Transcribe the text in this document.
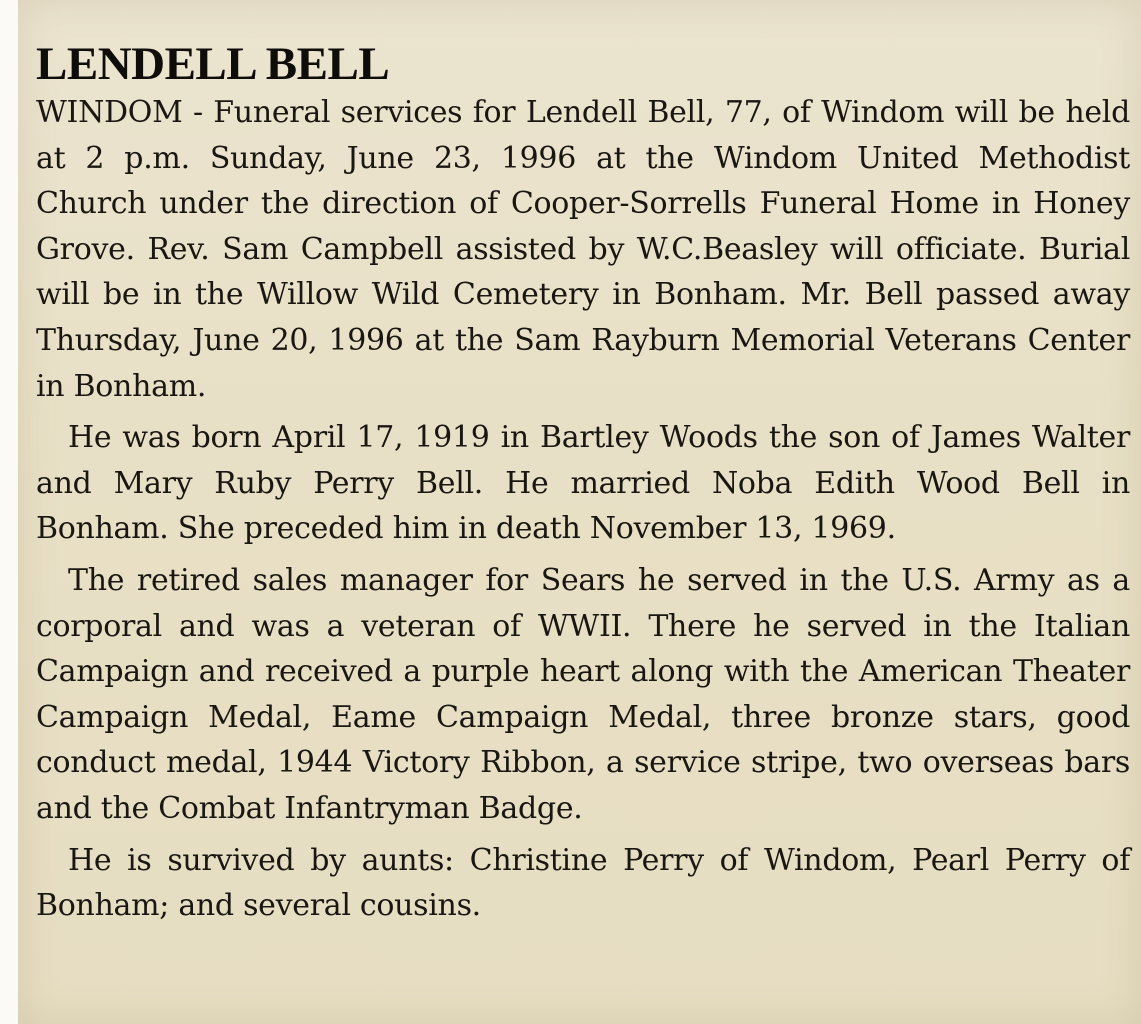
LENDELL BELL

WINDOM - Funeral services for Lendell Bell, 77, of Windom will be held at 2 p.m. Sunday, June 23, 1996 at the Windom United Methodist Church under the direction of Cooper-Sorrells Funeral Home in Honey Grove. Rev. Sam Campbell assisted by W.C.Beasley will officiate. Burial will be in the Willow Wild Cemetery in Bonham. Mr. Bell passed away Thursday, June 20, 1996 at the Sam Rayburn Memorial Veterans Center in Bonham.

He was born April 17, 1919 in Bartley Woods the son of James Walter and Mary Ruby Perry Bell. He married Noba Edith Wood Bell in Bonham. She preceded him in death November 13, 1969.

The retired sales manager for Sears he served in the U.S. Army as a corporal and was a veteran of WWII. There he served in the Italian Campaign and received a purple heart along with the American Theater Campaign Medal, Eame Campaign Medal, three bronze stars, good conduct medal, 1944 Victory Ribbon, a service stripe, two overseas bars and the Combat Infantryman Badge.

He is survived by aunts: Christine Perry of Windom, Pearl Perry of Bonham; and several cousins.
